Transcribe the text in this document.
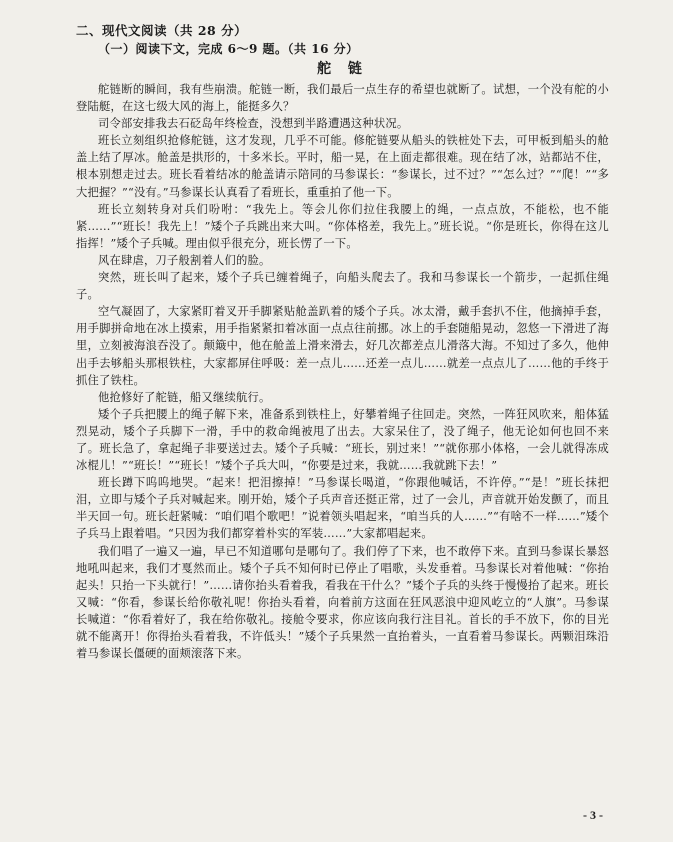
二、现代文阅读（共 28 分）

（一）阅读下文，完成 6～9 题。（共 16 分）

舵 链

舵链断的瞬间，我有些崩溃。舵链一断，我们最后一点生存的希望也就断了。试想，一个没有舵的小登陆艇，在这七级大风的海上，能挺多久？

司令部安排我去石砭岛年终检查，没想到半路遭遇这种状况。

班长立刻组织抢修舵链，这才发现，几乎不可能。修舵链要从船头的铁桩处下去，可甲板到船头的舱盖上结了厚冰。舱盖是拱形的，十多米长。平时，船一晃，在上面走都很难。现在结了冰，站都站不住，根本别想走过去。班长看着结冰的舱盖请示陪同的马参谋长：“参谋长，过不过？”“怎么过？”“爬！”“多大把握？”“没有。”马参谋长认真看了看班长，重重拍了他一下。

班长立刻转身对兵们吩咐：“我先上。等会儿你们拉住我腰上的绳，一点点放，不能松，也不能紧……”“班长！我先上！”矮个子兵跳出来大叫。“你体格差，我先上。”班长说。“你是班长，你得在这儿指挥！”矮个子兵喊。理由似乎很充分，班长愣了一下。

风在肆虐，刀子般割着人们的脸。

突然，班长叫了起来，矮个子兵已缠着绳子，向船头爬去了。我和马参谋长一个箭步，一起抓住绳子。

空气凝固了，大家紧盯着叉开手脚紧贴舱盖趴着的矮个子兵。冰太滑，戴手套扒不住，他摘掉手套，用手脚拼命地在冰上摸索，用手指紧紧扣着冰面一点点往前挪。冰上的手套随船晃动，忽悠一下滑进了海里，立刻被海浪吞没了。颠簸中，他在舱盖上滑来滑去，好几次都差点儿滑落大海。不知过了多久，他伸出手去够船头那根铁柱，大家都屏住呼吸：差一点儿……还差一点儿……就差一点点儿了……他的手终于抓住了铁柱。

他抢修好了舵链，船又继续航行。

矮个子兵把腰上的绳子解下来，准备系到铁柱上，好攀着绳子往回走。突然，一阵狂风吹来，船体猛烈晃动，矮个子兵脚下一滑，手中的救命绳被甩了出去。大家呆住了，没了绳子，他无论如何也回不来了。班长急了，拿起绳子非要送过去。矮个子兵喊：“班长，别过来！”“就你那小体格，一会儿就得冻成冰棍儿！”“班长！”“班长！”矮个子兵大叫，“你要是过来，我就……我就跳下去！”

班长蹲下呜呜地哭。“起来！把泪擦掉！”马参谋长喝道，“你跟他喊话，不许停。”“是！”班长抹把泪，立即与矮个子兵对喊起来。刚开始，矮个子兵声音还挺正常，过了一会儿，声音就开始发颤了，而且半天回一句。班长赶紧喊：“咱们唱个歌吧！”说着领头唱起来，“咱当兵的人……”“有啥不一样……”矮个子兵马上跟着唱。“只因为我们都穿着朴实的军装……”大家都唱起来。

我们唱了一遍又一遍，早已不知道哪句是哪句了。我们停了下来，也不敢停下来。直到马参谋长暴怒地吼叫起来，我们才戛然而止。矮个子兵不知何时已停止了唱歌，头发垂着。马参谋长对着他喊：“你抬起头！只抬一下头就行！”……请你抬头看着我，看我在干什么？”矮个子兵的头终于慢慢抬了起来。班长又喊：“你看，参谋长给你敬礼呢！你抬头看着，向着前方这面在狂风恶浪中迎风屹立的“人旗”。马参谋长喊道：“你看着好了，我在给你敬礼。接舱令要求，你应该向我行注目礼。首长的手不放下，你的目光就不能离开！你得抬头看着我，不许低头！”矮个子兵果然一直抬着头，一直看着马参谋长。两颗泪珠沿着马参谋长僵硬的面颊滚落下来。

- 3 -
